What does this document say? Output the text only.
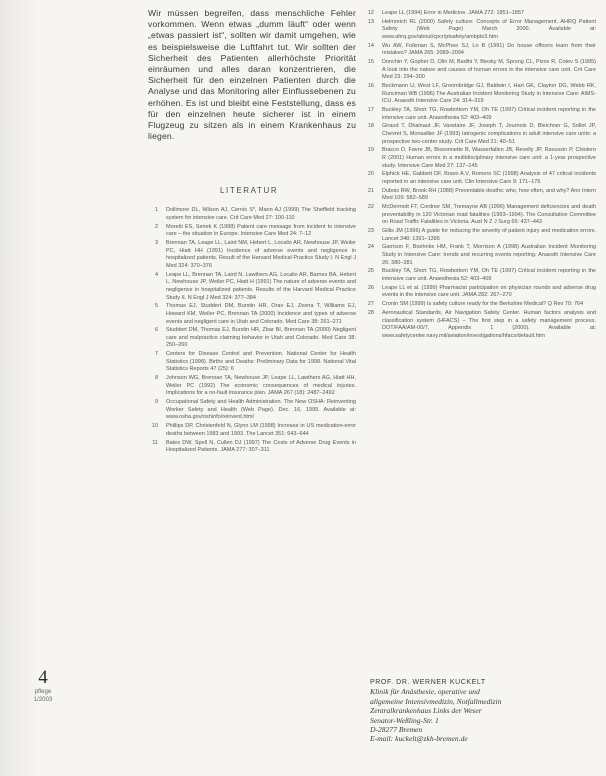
Wir müssen begreifen, dass menschliche Fehler vorkommen. Wenn etwas „dumm läuft“ oder wenn „etwas passiert ist“, sollten wir damit umgehen, wie es beispielsweise die Luftfahrt tut. Wir sollten der Sicherheit des Patienten allerhöchste Priorität einräumen und alles daran konzentrieren, die Sicherheit für den einzelnen Patienten durch die Analyse und das Monitoring aller Einflussebenen zu erhöhen. Es ist und bleibt eine Feststellung, dass es für den einzelnen heute sicherer ist in einem Flugzeug zu sitzen als in einem Krankenhaus zu liegen.

LITERATUR
1 Dollimore DL, Wilson AJ, Cernis S*, Mann AJ (1999) The Sheffield tracking system for intensive care. Crit Care Med 27: 100-110
2 Moretti ES, Senek K (1998) Patient care message from incident to intensive care – the situation in Europe. Intensive Care Med 24: 7–12
3 Brennan TA, Leape LL, Laird NM, Hebert L, Localio AR, Newhouse JP, Weiler PC, Hiatt HH (1991) Incidence of adverse events and negligence in hospitalized patients. Result of the Harvard Medical Practice Study I. N Engl J Med 324: 370–376
4 Leape LL, Brennan TA, Laird N, Lawthers AG, Localio AR, Barnes BA, Hebert L, Newhouse JP, Weiler PC, Hiatt H (1991) The nature of adverse events and negligence in hospitalized patients. Results of the Harvard Medical Practice Study II. N Engl J Med 324: 377–384
5 Thomas EJ, Studdert DM, Burstin HR, Orav EJ, Zeena T, Williams EJ, Howard KM, Weiler PC, Brennan TA (2000) Incidence and types of adverse events and negligent care in Utah and Colorado. Med Care 38: 261–271
6 Studdert DM, Thomas EJ, Burstin HR, Zbar BI, Brennan TA (2000) Negligent care and malpractice claiming behavior in Utah and Colorado. Med Care 38: 250–260
7 Centers for Disease Control and Prevention. National Center for Health Statistics (1998). Births and Deaths: Preliminary Data for 1998. National Vital Statistics Reports 47 (25): 6
8 Johnson WG, Brennan TA, Newhouse JP, Leape LL, Lawthers AG, Hiatt HH, Weiler PC (1992) The economic consequences of medical injuries. Implications for a no-fault insurance plan. JAMA 267 (18): 2487–2492
9 Occupational Safety and Health Administration. The New OSHA: Reinventing Worker Safety and Health (Web Page). Dec. 16, 1999. Available at: www.osha.gov/oshinfo/reinvent.html
10 Phillips DP, Christenfeld N, Glynn LM (1998) Increase in US medication-error deaths between 1983 and 1993. The Lancet 351: 643–644
11 Bates DW, Spell N, Cullen DJ (1997) The Costs of Adverse Drug Events in Hospitalized Patients. JAMA 277: 307–311
12 Leape LL (1994) Error in Medicine. JAMA 272: 1851–1857
13 Helmreich RL (2000) Safety culture: Concepts of Error Management. AHRQ Patient Safety (Web Page) March 2000. Available at: www.ahrq.gov/about/cpcr/ptsafety/ambpts3.htm
14 Wu AW, Folkman S, McPhee SJ, Lo B (1991) Do house officers learn from their mistakes? JAMA 265: 2089–2094
15 Donchin Y, Gopher D, Olin M, Badihi Y, Biesky M, Sprung CL, Pizov R, Cotev S (1995) A look into the nature and causes of human errors in the intensive care unit. Crit Care Med 23: 294–300
16 Beckmann U, West LF, Groombridge GJ, Baldwin I, Hart GK, Clayton DG, Webb RK, Runciman WB (1996) The Australian Incident Monitoring Study in Intensive Care: AIMS-ICU. Anaesth Intensive Care 24: 314–319
17 Buckley TA, Short TG, Rowbottom YM, Oh TE (1997) Critical incident reporting in the intensive care unit. Anaesthesia 52: 403–409
18 Giraud T, Dhainaut JF, Vaxelaire JF, Joseph T, Journois D, Bleichner G, Sollet JP, Chevret S, Monsallier JF (1993) Iatrogenic complications in adult intensive care units: a prospective two-center study. Crit Care Med 21: 40–51
19 Bracco D, Favre JB, Bissonnette B, Wasserfallen JB, Revelly JP, Ravussin P, Chiolero R (2001) Human errors in a multidisciplinary intensive care unit: a 1-year prospective study. Intensive Care Med 27: 137–145
20 Elphick HE, Gabbett DF, Bravo A.V, Romero SC (1998) Analysis of 47 critical incidents reported in an intensive care unit. Clin Intensive Care 9: 171–176
21 Dubois RW, Brook RH (1988) Preventable deaths: who, how often, and why? Ann Intern Med 109: 582–589
22 McDermott FT, Cordner SM, Tremayne AB (1996) Management deficiencies and death preventability in 120 Victorian road fatalities (1993–1994). The Consultative Committee on Road Traffic Fatalities in Victoria. Aust N Z J Surg 66: 437–443
23 Gillis JM (1996) A guide for reducing the severity of patient injury and medication errors. Lancet 348: 1391–1395
24 Garrison F, Boehnke HM, Frank T, Morrison A (1998) Australian Incident Monitoring Study in Intensive Care: trends and recurring events reporting. Anaesth Intensive Care 26: 380–381
25 Buckley TA, Short TG, Rowbottom YM, Oh TE (1997) Critical incident reporting in the intensive care unit. Anaesthesia 52: 403–409
26 Leape LL et al. (1999) Pharmacist participation on physician rounds and adverse drug events in the intensive care unit. JAMA 282: 267–270
27 Cronin SM (1999) Is safety culture ready for the Berkshire Medical? Q Rev 70: 764
28 Aeronautical Standards, Air Navigation Safety Center. Human factors analysis and classification system (HFACS) – The first step in a safety management process. DOT/FAA/AM-00/7, Appendix 1 (2000). Available at: www.safetycenter.navy.mil/aviation/investigations/hfacs/default.htm
4
pflege
1/2003
PROF. DR. WERNER KUCKELT
Klinik für Anästhesie, operative und
allgemeine Intensivmedizin, Notfallmedizin
Zentralkrankenhaus Links der Weser
Senator-Weßling-Str. 1
D-28277 Bremen
E-mail: kuckelt@zkh-bremen.de
